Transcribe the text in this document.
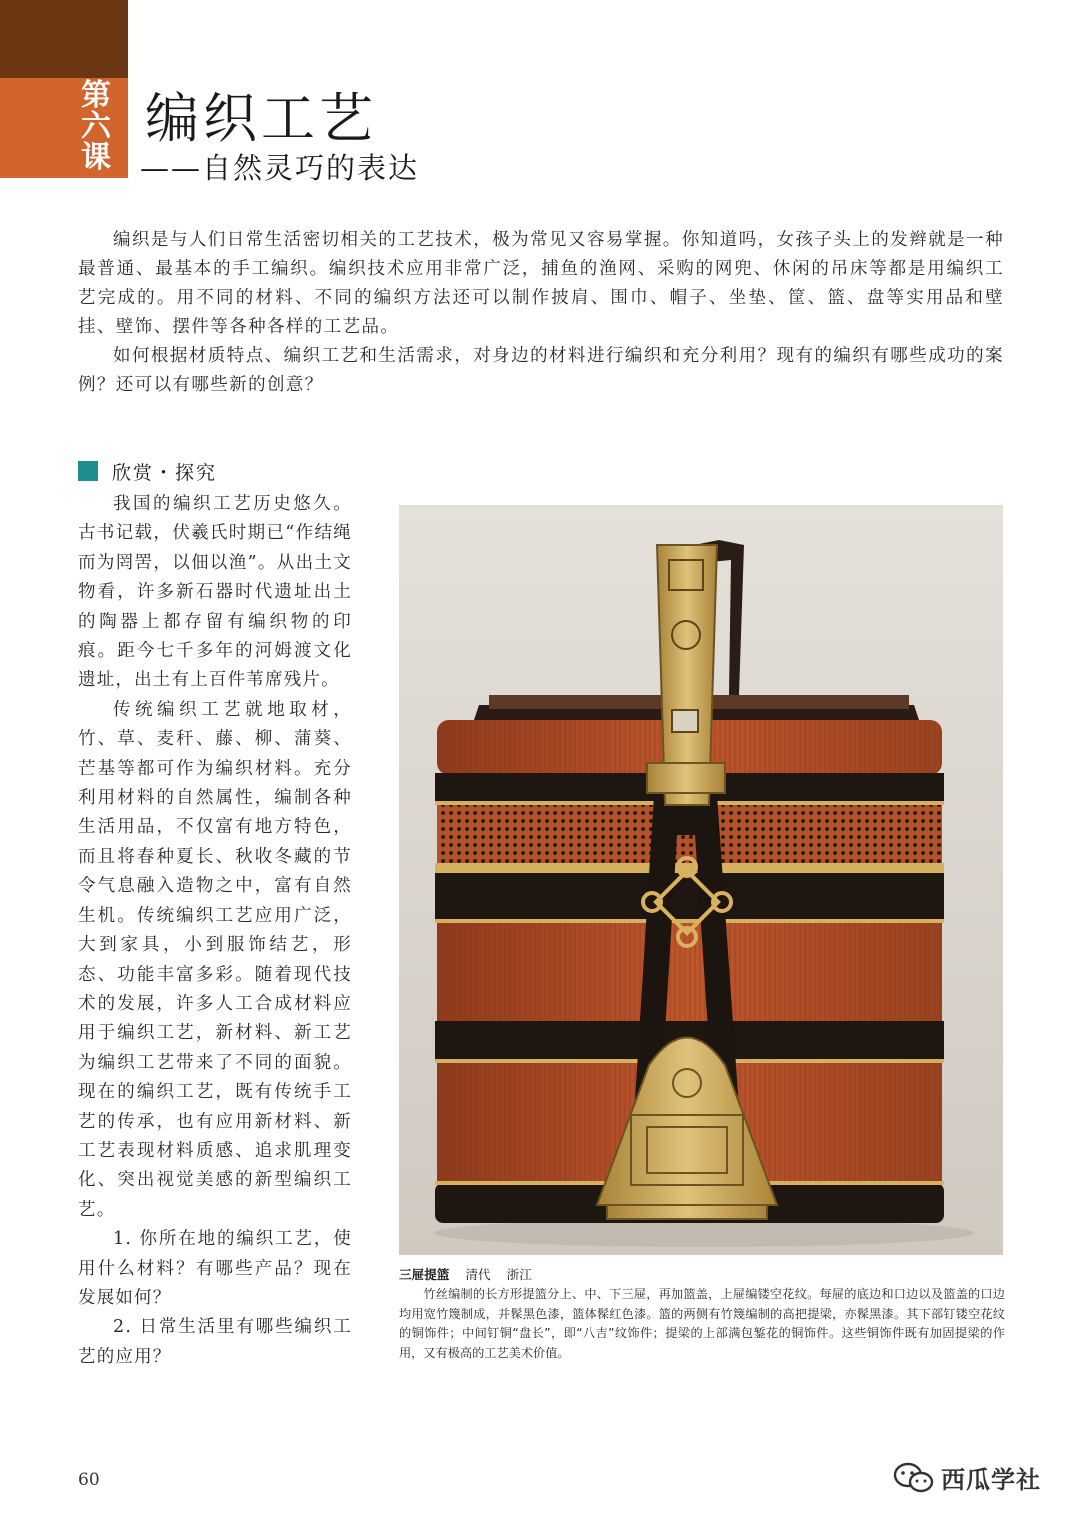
第
六
课
编织工艺
——自然灵巧的表达

编织是与人们日常生活密切相关的工艺技术，极为常见又容易掌握。你知道吗，女孩子头上的发辫就是一种最普通、最基本的手工编织。编织技术应用非常广泛，捕鱼的渔网、采购的网兜、休闲的吊床等都是用编织工艺完成的。用不同的材料、不同的编织方法还可以制作披肩、围巾、帽子、坐垫、筐、篮、盘等实用品和壁挂、壁饰、摆件等各种各样的工艺品。

如何根据材质特点、编织工艺和生活需求，对身边的材料进行编织和充分利用？现有的编织有哪些成功的案例？还可以有哪些新的创意？

欣赏・探究

我国的编织工艺历史悠久。古书记载，伏羲氏时期已“作结绳而为罔罟，以佃以渔”。从出土文物看，许多新石器时代遗址出土的陶器上都存留有编织物的印痕。距今七千多年的河姆渡文化遗址，出土有上百件苇席残片。

传统编织工艺就地取材，竹、草、麦秆、藤、柳、蒲葵、芒基等都可作为编织材料。充分利用材料的自然属性，编制各种生活用品，不仅富有地方特色，而且将春种夏长、秋收冬藏的节令气息融入造物之中，富有自然生机。传统编织工艺应用广泛，大到家具，小到服饰结艺，形态、功能丰富多彩。随着现代技术的发展，许多人工合成材料应用于编织工艺，新材料、新工艺为编织工艺带来了不同的面貌。现在的编织工艺，既有传统手工艺的传承，也有应用新材料、新工艺表现材料质感、追求肌理变化、突出视觉美感的新型编织工艺。

1. 你所在地的编织工艺，使用什么材料？有哪些产品？现在发展如何？

2. 日常生活里有哪些编织工艺的应用？

三屉提篮 清代 浙江

竹丝编制的长方形提篮分上、中、下三屉，再加篮盖，上屉编镂空花纹。每屉的底边和口边以及篮盖的口边均用宽竹篾制成，并髹黑色漆，篮体髹红色漆。篮的两侧有竹篾编制的高把提梁，亦髹黑漆。其下部钉镂空花纹的铜饰件；中间钉铜“盘长”，即“八吉”纹饰件；提梁的上部满包錾花的铜饰件。这些铜饰件既有加固提梁的作用，又有极高的工艺美术价值。

60	西瓜学社
